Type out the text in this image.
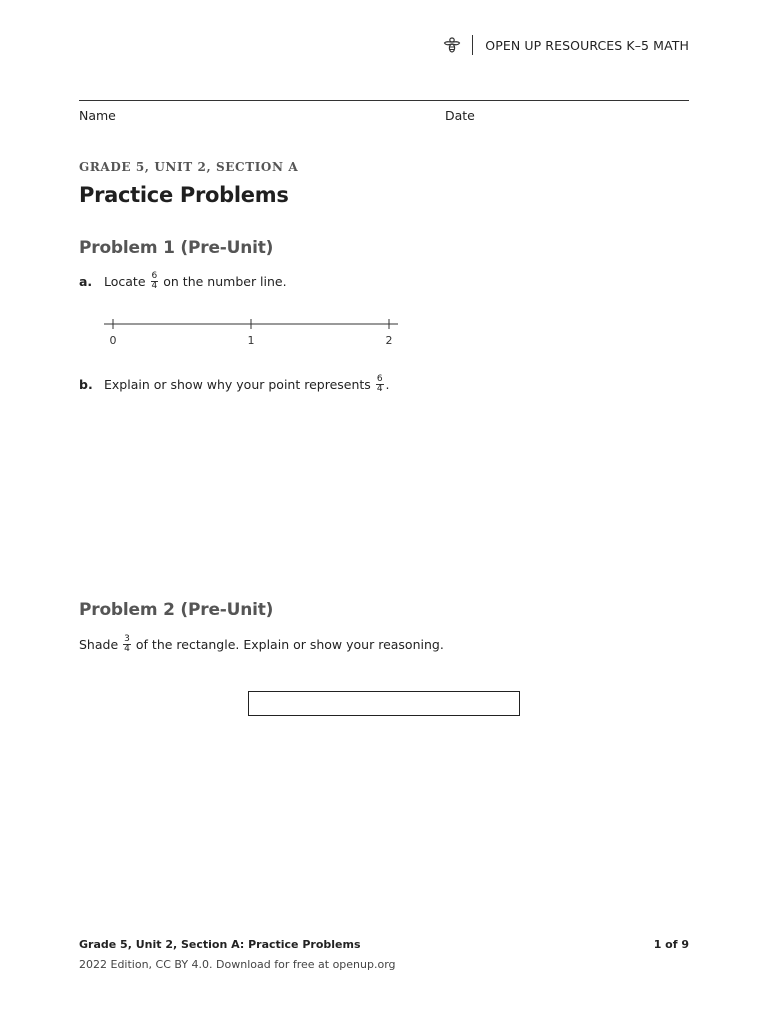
OPEN UP RESOURCES K–5 MATH
Name	Date
GRADE 5, UNIT 2, SECTION A
Practice Problems
Problem 1 (Pre-Unit)
a. Locate $\frac{6}{4}$ on the number line.
0	1	2
b. Explain or show why your point represents $\frac{6}{4}$ .
Problem 2 (Pre-Unit)
Shade $\frac{3}{4}$ of the rectangle. Explain or show your reasoning.
Grade 5, Unit 2, Section A: Practice Problems	1 of 9
2022 Edition, CC BY 4.0. Download for free at openup.org
